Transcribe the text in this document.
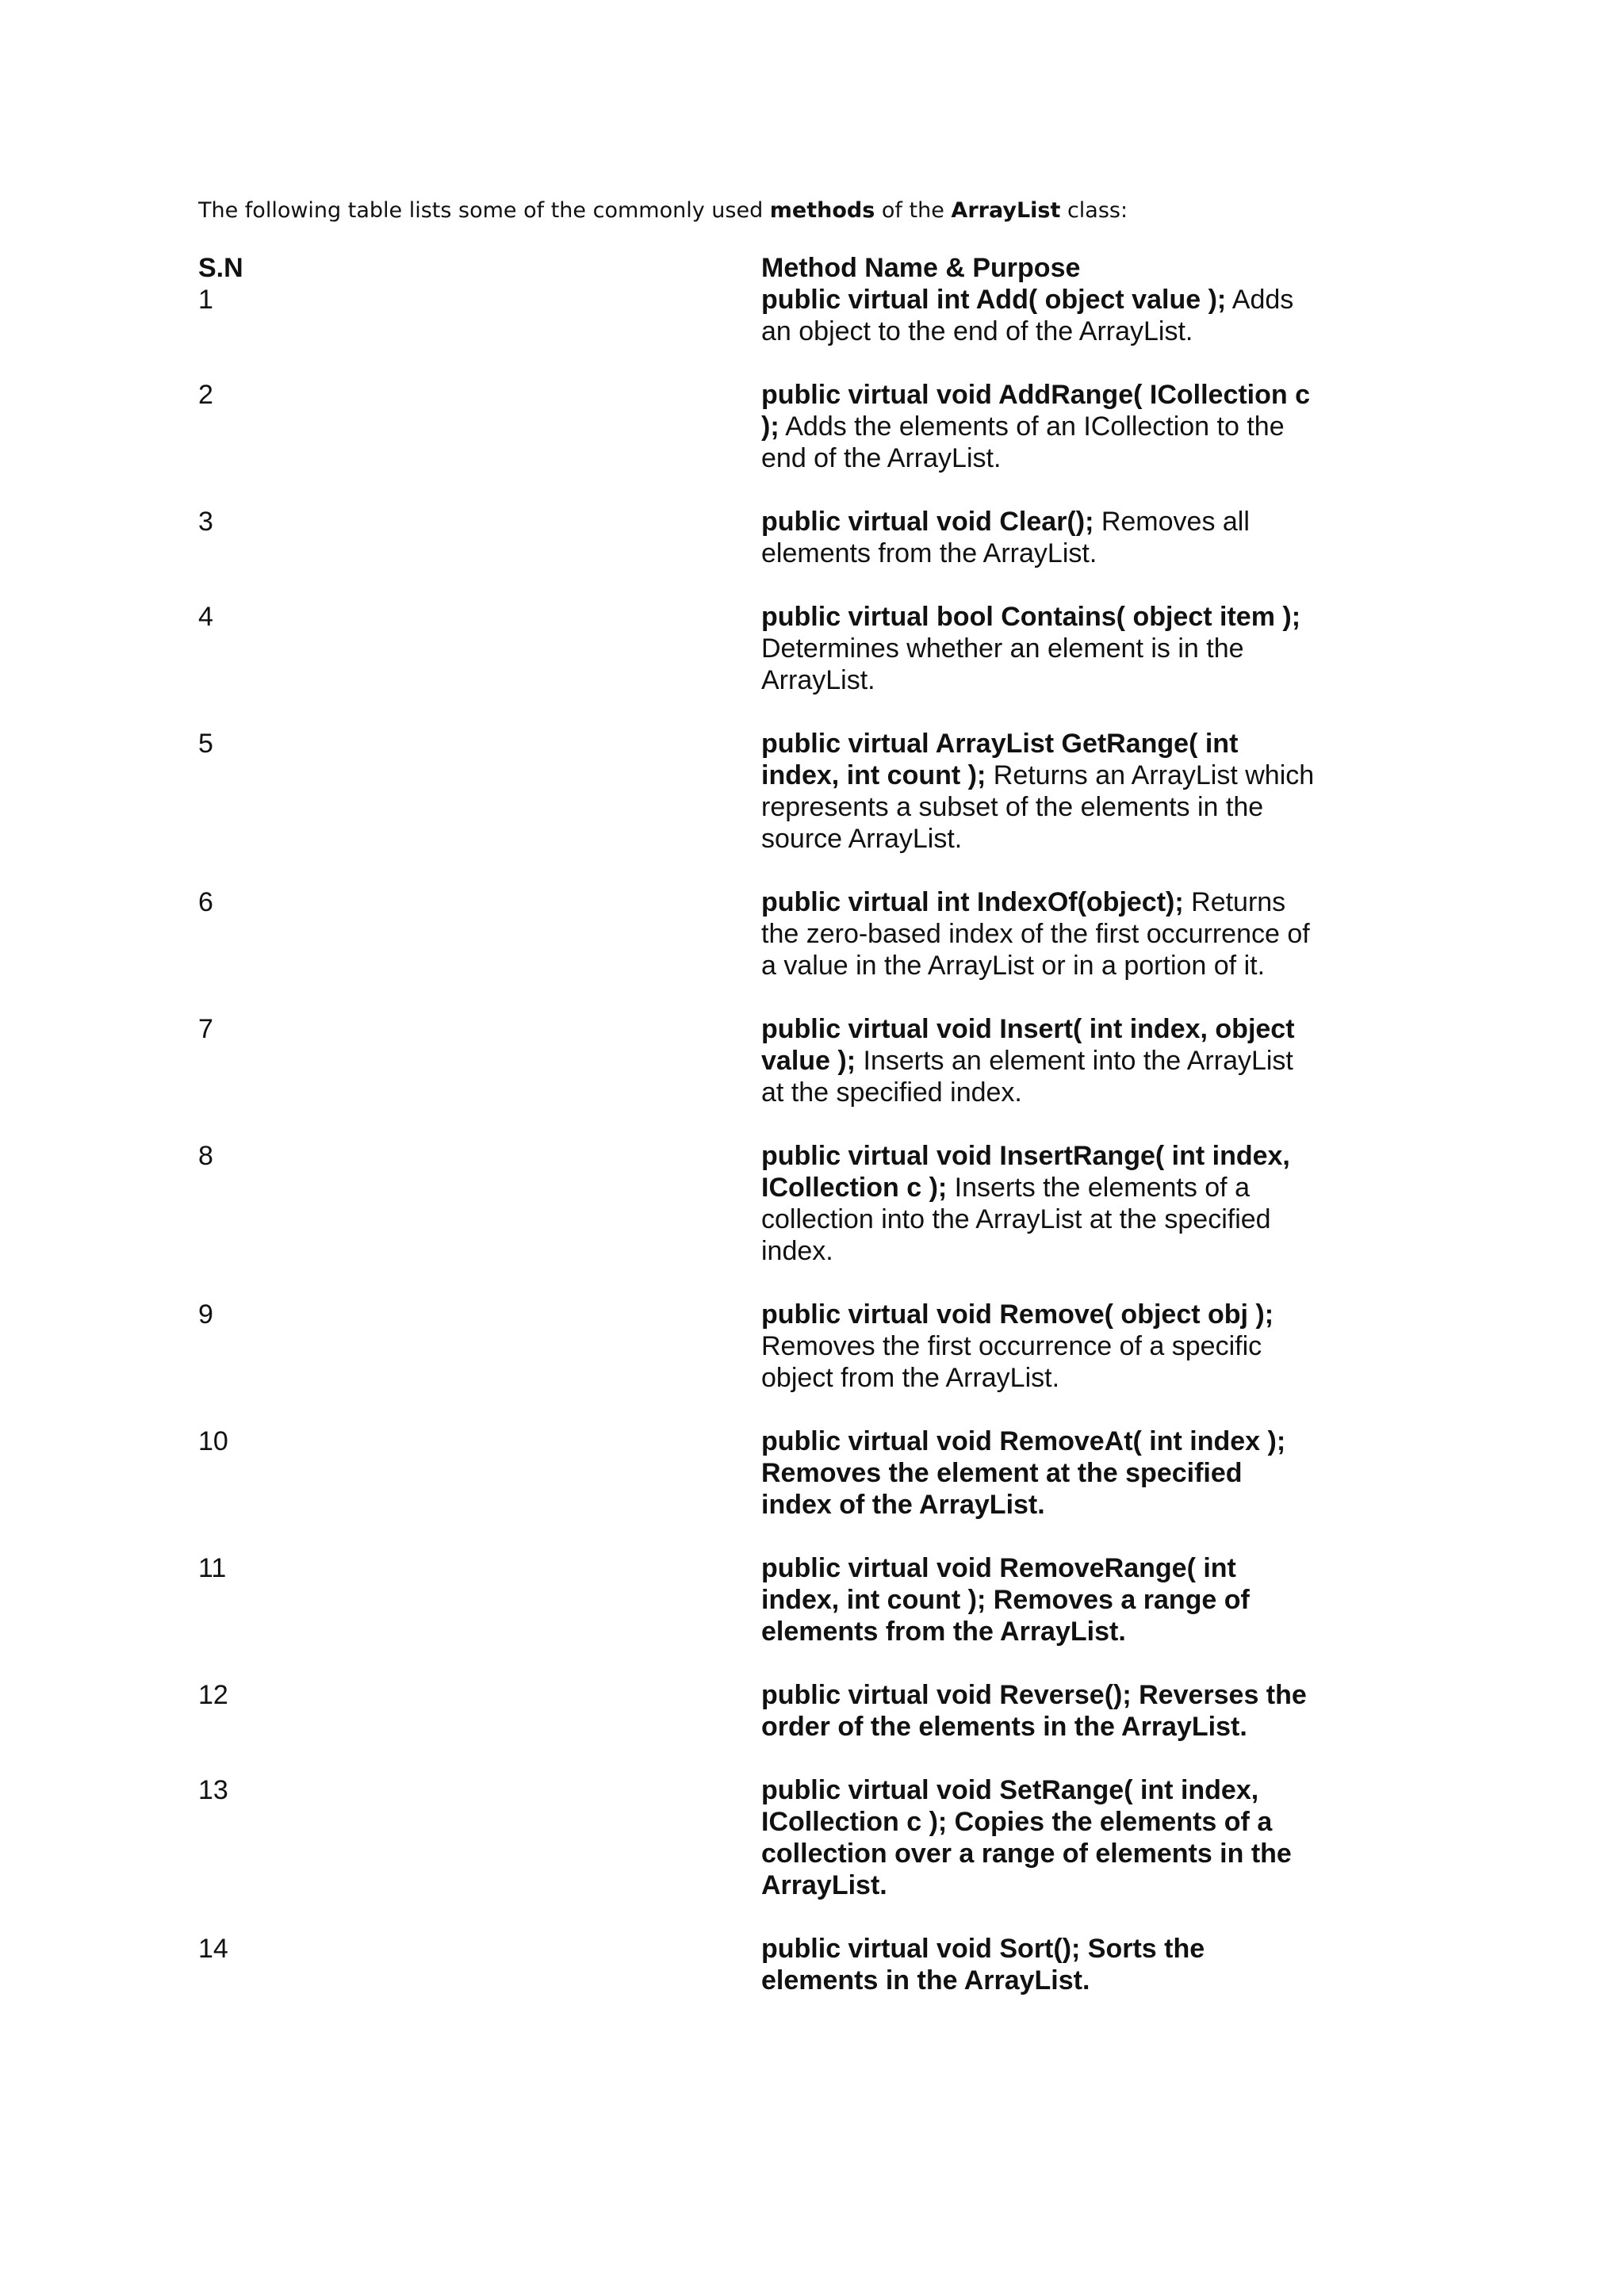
The following table lists some of the commonly used methods of the ArrayList class:
S.N	Method Name & Purpose
1	public virtual int Add( object value ); Adds an object to the end of the ArrayList.
2	public virtual void AddRange( ICollection c ); Adds the elements of an ICollection to the end of the ArrayList.
3	public virtual void Clear(); Removes all elements from the ArrayList.
4	public virtual bool Contains( object item ); Determines whether an element is in the ArrayList.
5	public virtual ArrayList GetRange( int index, int count ); Returns an ArrayList which represents a subset of the elements in the source ArrayList.
6	public virtual int IndexOf(object); Returns the zero-based index of the first occurrence of a value in the ArrayList or in a portion of it.
7	public virtual void Insert( int index, object value ); Inserts an element into the ArrayList at the specified index.
8	public virtual void InsertRange( int index, ICollection c ); Inserts the elements of a collection into the ArrayList at the specified index.
9	public virtual void Remove( object obj ); Removes the first occurrence of a specific object from the ArrayList.
10	public virtual void RemoveAt( int index ); Removes the element at the specified index of the ArrayList.
11	public virtual void RemoveRange( int index, int count ); Removes a range of elements from the ArrayList.
12	public virtual void Reverse(); Reverses the order of the elements in the ArrayList.
13	public virtual void SetRange( int index, ICollection c ); Copies the elements of a collection over a range of elements in the ArrayList.
14	public virtual void Sort(); Sorts the elements in the ArrayList.
